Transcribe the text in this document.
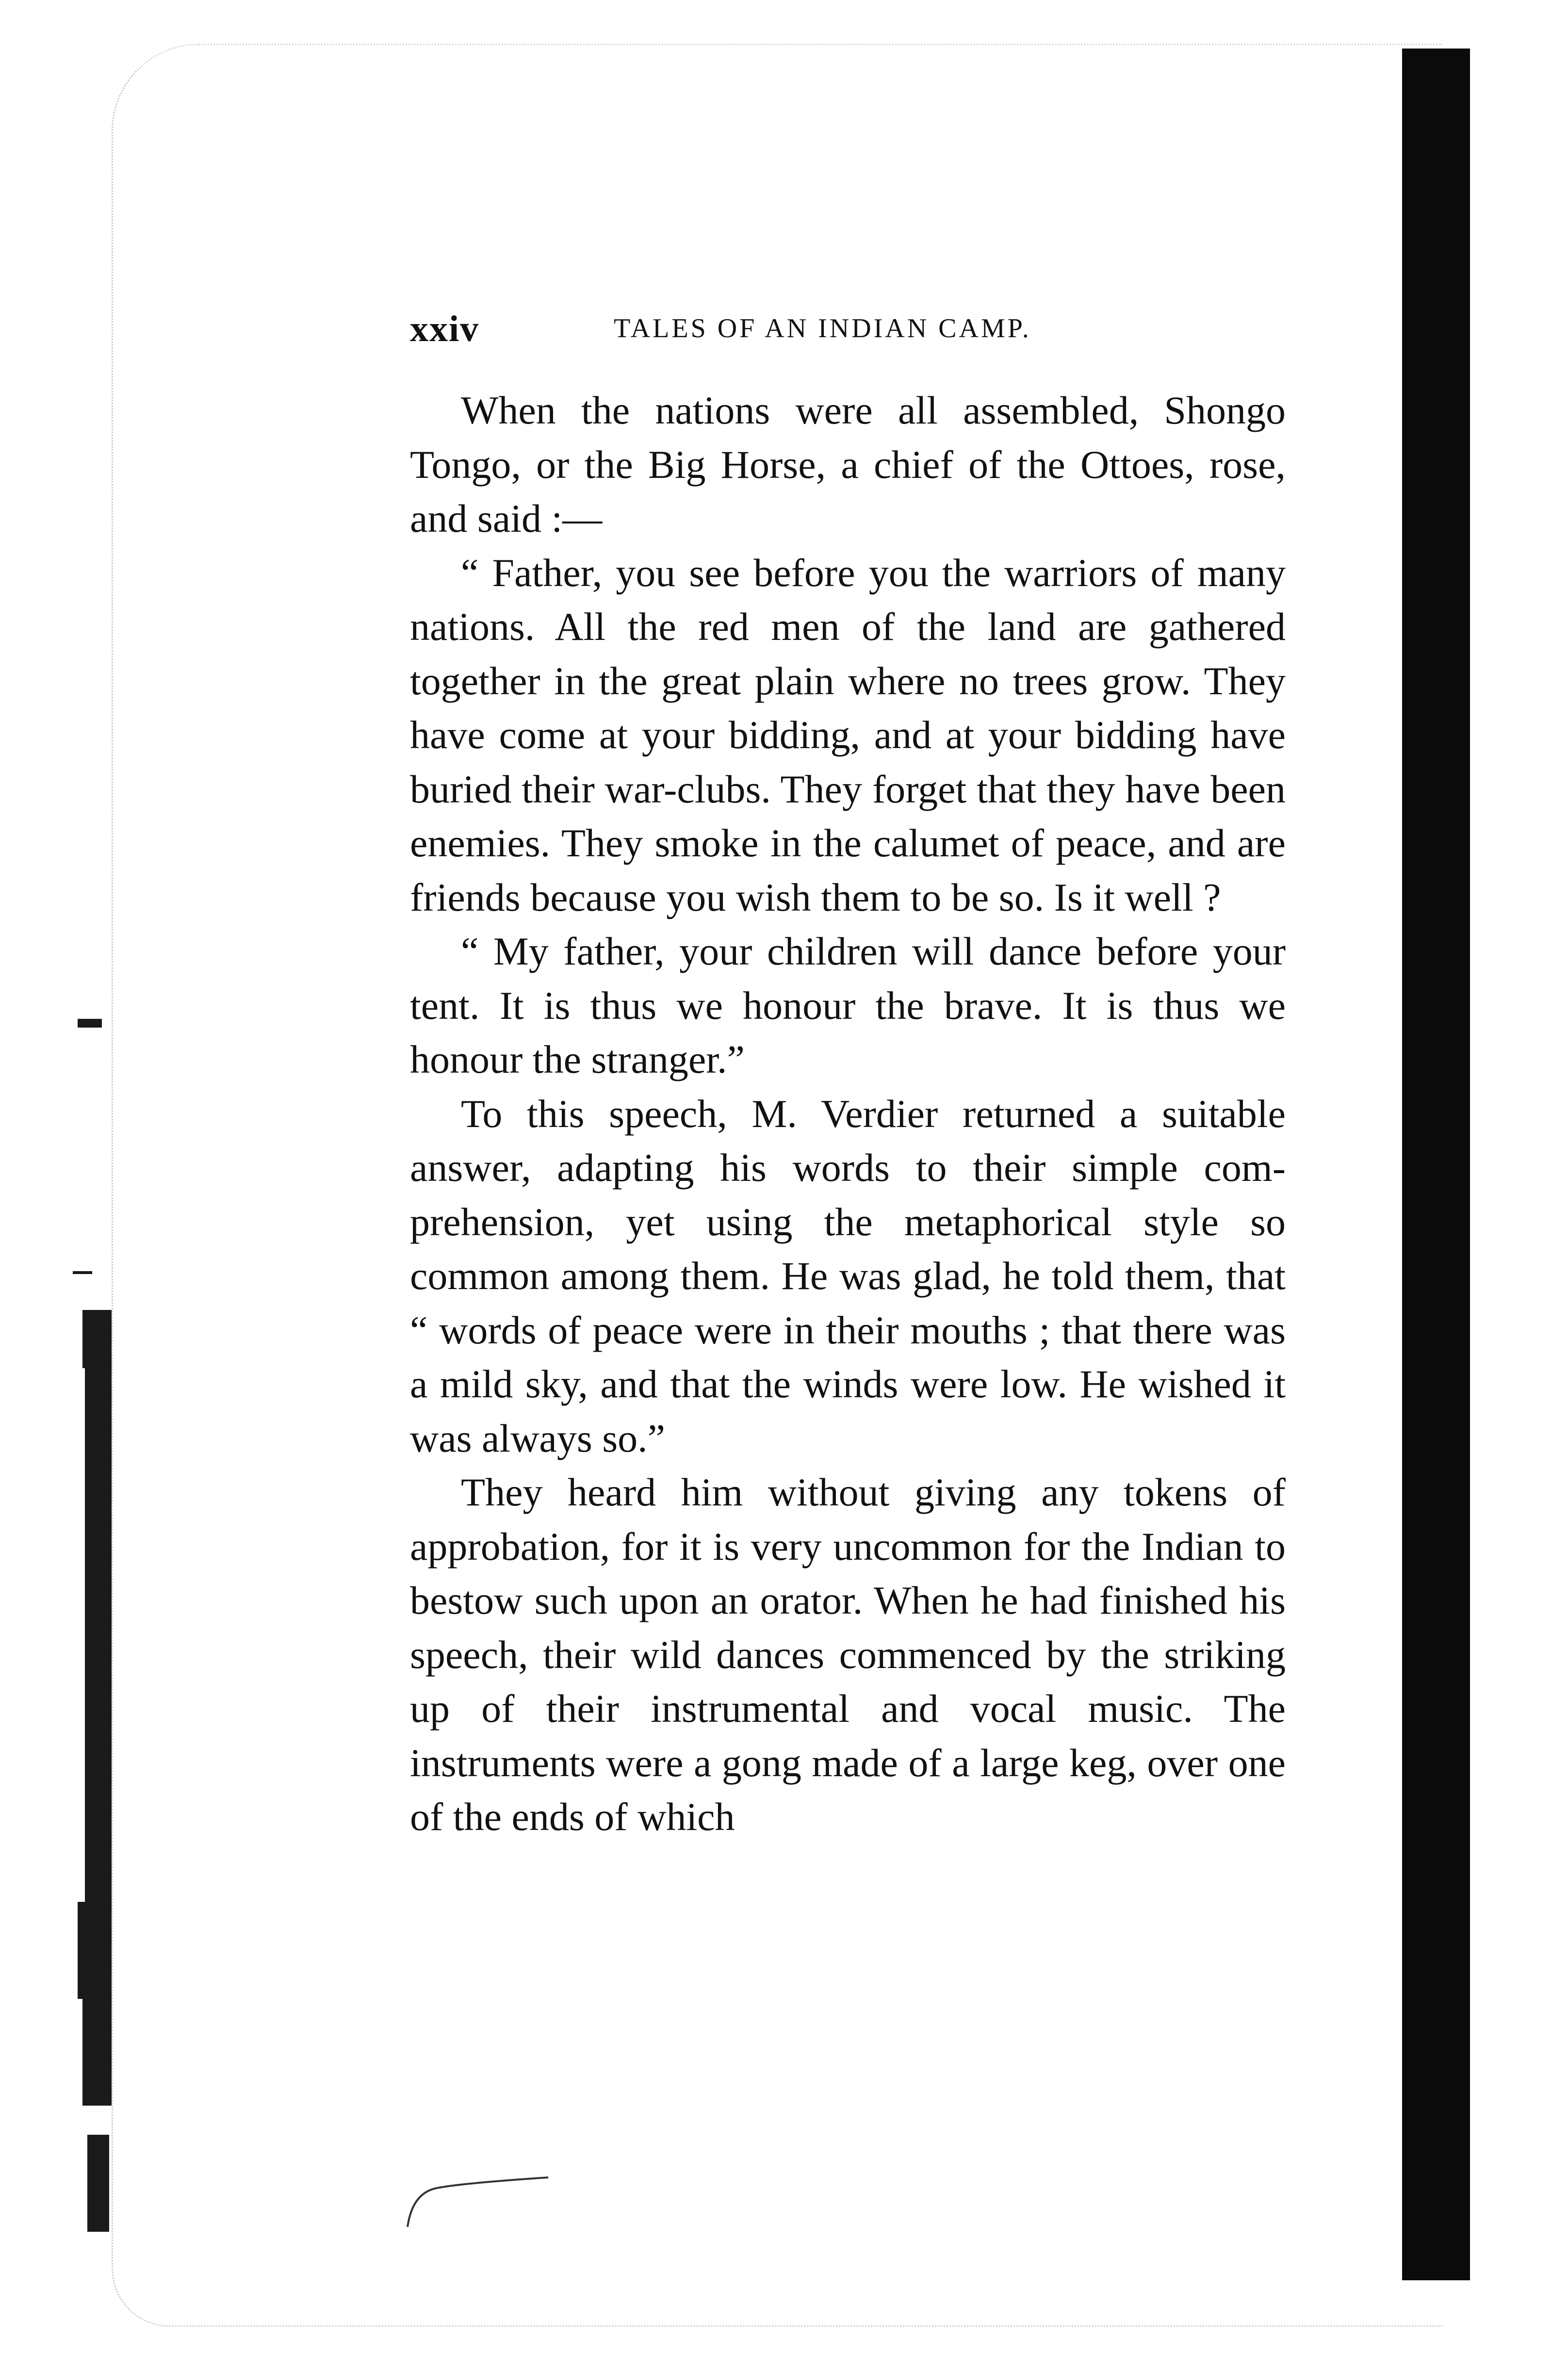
xxiv	TALES OF AN INDIAN CAMP.

When the nations were all assembled, Shongo Tongo, or the Big Horse, a chief of the Ottoes, rose, and said :—

“ Father, you see before you the warriors of many nations. All the red men of the land are gathered together in the great plain where no trees grow. They have come at your bidding, and at your bidding have buried their war-clubs. They forget that they have been enemies. They smoke in the calumet of peace, and are friends because you wish them to be so. Is it well ?

“ My father, your children will dance before your tent. It is thus we honour the brave. It is thus we honour the stranger.”

To this speech, M. Verdier returned a suitable answer, adapting his words to their simple comprehension, yet using the metaphorical style so common among them. He was glad, he told them, that “ words of peace were in their mouths ; that there was a mild sky, and that the winds were low. He wished it was always so.”

They heard him without giving any tokens of approbation, for it is very uncommon for the Indian to bestow such upon an orator. When he had finished his speech, their wild dances commenced by the striking up of their instrumental and vocal music. The instruments were a gong made of a large keg, over one of the ends of which
